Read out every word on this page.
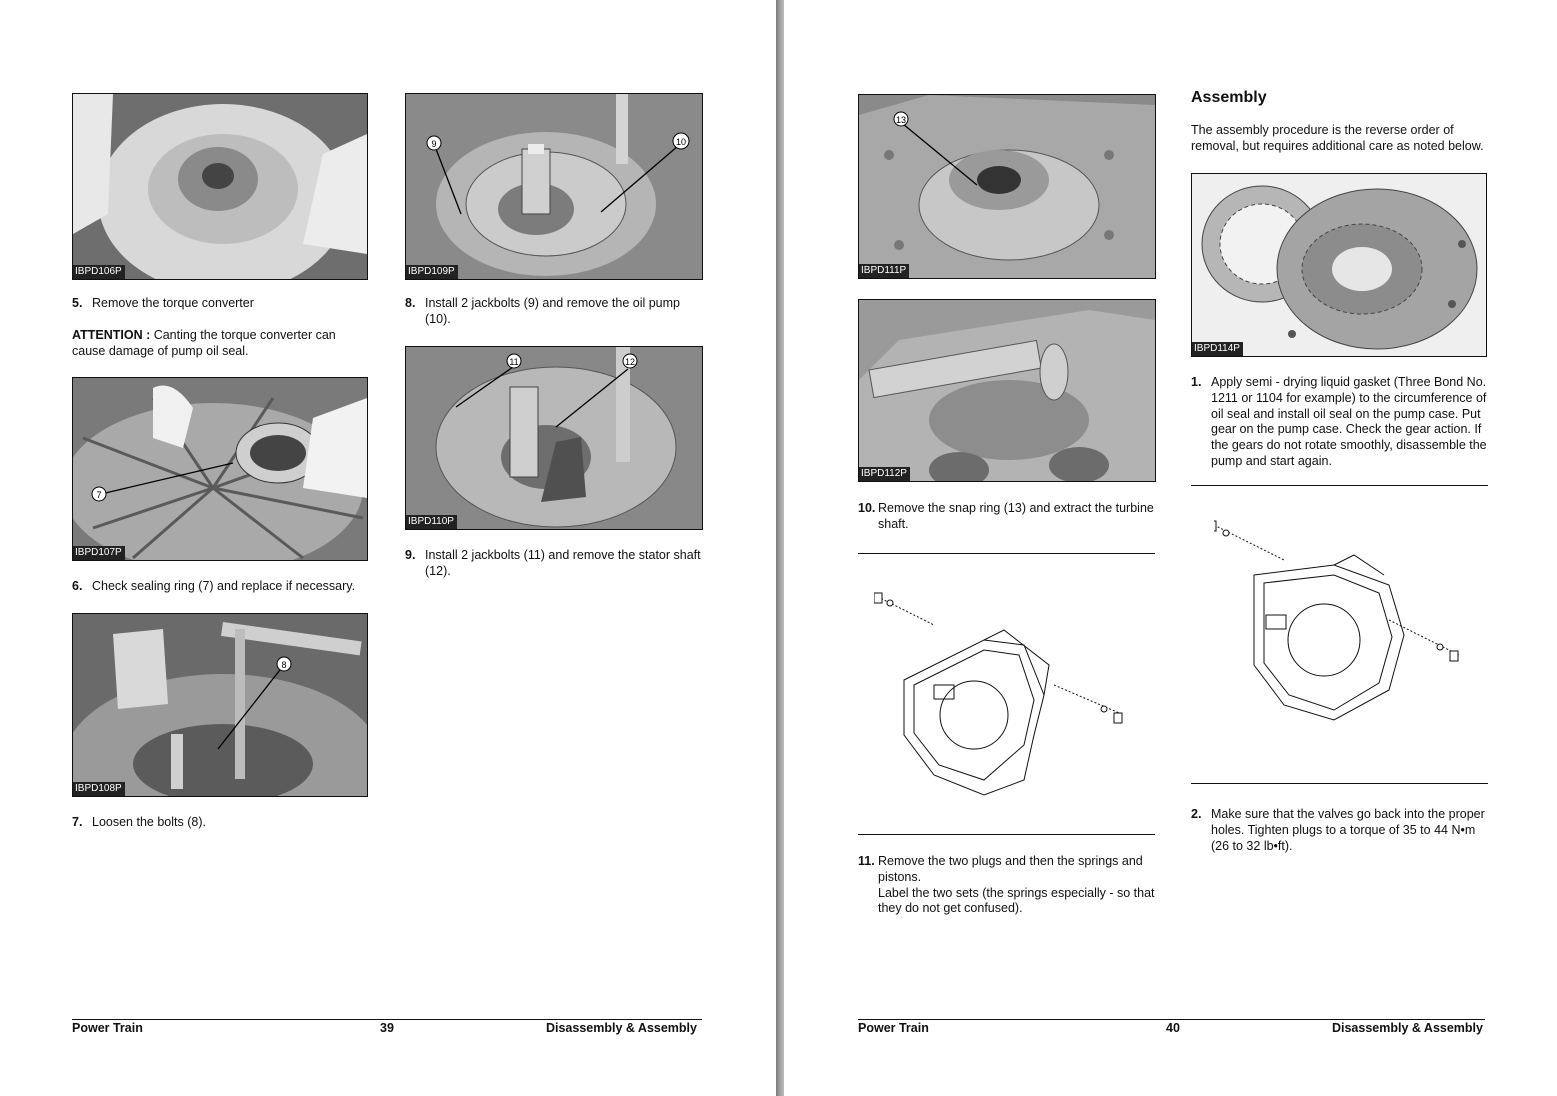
IBPD106P
5. Remove the torque converter
ATTENTION : Canting the torque converter can cause damage of pump oil seal.
7
IBPD107P
6. Check sealing ring (7) and replace if necessary.
8
IBPD108P
7. Loosen the bolts (8).
9	10
IBPD109P
8. Install 2 jackbolts (9) and remove the oil pump (10).
11	12
IBPD110P
9. Install 2 jackbolts (11) and remove the stator shaft (12).
Power Train	39	Disassembly & Assembly
13
IBPD111P
IBPD112P
10. Remove the snap ring (13) and extract the turbine shaft.
11. Remove the two plugs and then the springs and pistons.
Label the two sets (the springs especially - so that they do not get confused).
Assembly
The assembly procedure is the reverse order of removal, but requires additional care as noted below.
IBPD114P
1. Apply semi - drying liquid gasket (Three Bond No. 1211 or 1104 for example) to the circumference of oil seal and install oil seal on the pump case. Put gear on the pump case. Check the gear action. If the gears do not rotate smoothly, disassemble the pump and start again.
2. Make sure that the valves go back into the proper holes. Tighten plugs to a torque of 35 to 44 N•m (26 to 32 lb•ft).
Power Train	40	Disassembly & Assembly
